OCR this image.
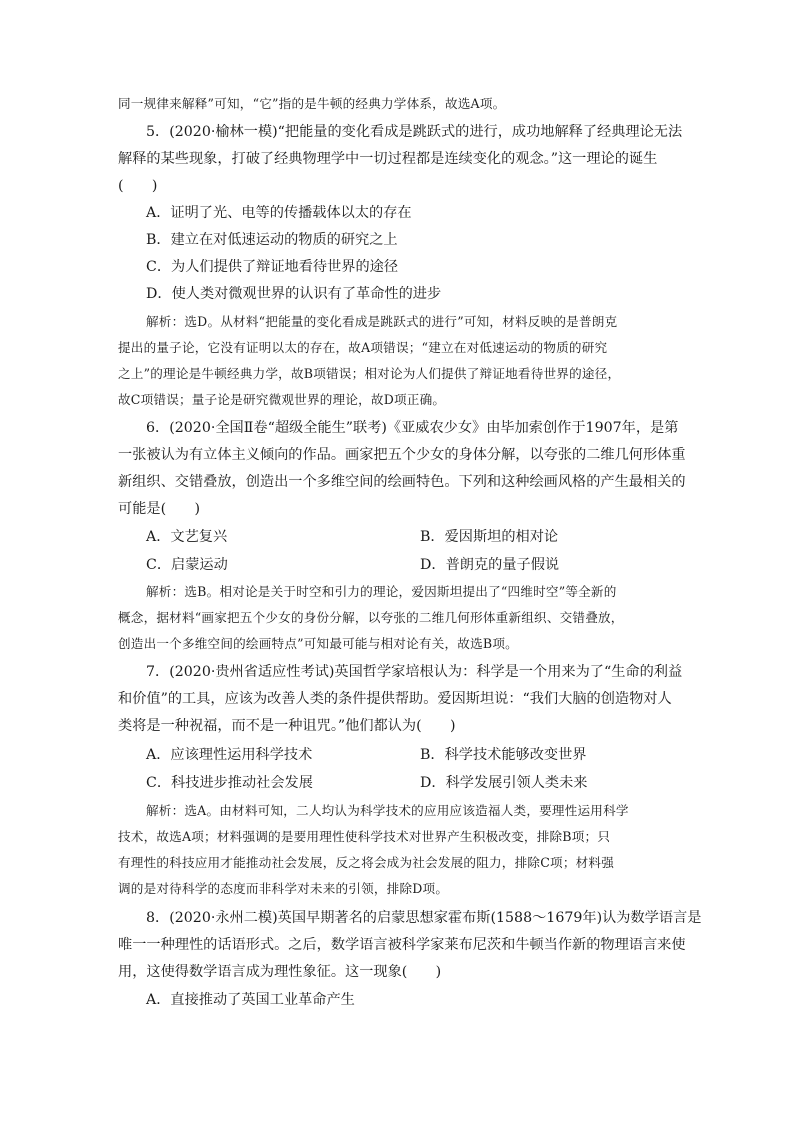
同一规律来解释”可知，“它”指的是牛顿的经典力学体系，故选A项。
5．(2020·榆林一模)“把能量的变化看成是跳跃式的进行，成功地解释了经典理论无法
解释的某些现象，打破了经典物理学中一切过程都是连续变化的观念。”这一理论的诞生
(　　)
A．证明了光、电等的传播载体以太的存在
B．建立在对低速运动的物质的研究之上
C．为人们提供了辩证地看待世界的途径
D．使人类对微观世界的认识有了革命性的进步
解析：选D。从材料“把能量的变化看成是跳跃式的进行”可知，材料反映的是普朗克
提出的量子论，它没有证明以太的存在，故A项错误；“建立在对低速运动的物质的研究
之上”的理论是牛顿经典力学，故B项错误；相对论为人们提供了辩证地看待世界的途径，
故C项错误；量子论是研究微观世界的理论，故D项正确。
6．(2020·全国Ⅱ卷“超级全能生”联考)《亚威农少女》由毕加索创作于1907年，是第
一张被认为有立体主义倾向的作品。画家把五个少女的身体分解，以夸张的二维几何形体重
新组织、交错叠放，创造出一个多维空间的绘画特色。下列和这种绘画风格的产生最相关的
可能是(　　)
A．文艺复兴	B．爱因斯坦的相对论
C．启蒙运动	D．普朗克的量子假说
解析：选B。相对论是关于时空和引力的理论，爱因斯坦提出了“四维时空”等全新的
概念，据材料“画家把五个少女的身份分解，以夸张的二维几何形体重新组织、交错叠放，
创造出一个多维空间的绘画特点”可知最可能与相对论有关，故选B项。
7．(2020·贵州省适应性考试)英国哲学家培根认为：科学是一个用来为了“生命的利益
和价值”的工具，应该为改善人类的条件提供帮助。爱因斯坦说：“我们大脑的创造物对人
类将是一种祝福，而不是一种诅咒。”他们都认为(　　)
A．应该理性运用科学技术	B．科学技术能够改变世界
C．科技进步推动社会发展	D．科学发展引领人类未来
解析：选A。由材料可知，二人均认为科学技术的应用应该造福人类，要理性运用科学
技术，故选A项；材料强调的是要用理性使科学技术对世界产生积极改变，排除B项；只
有理性的科技应用才能推动社会发展，反之将会成为社会发展的阻力，排除C项；材料强
调的是对待科学的态度而非科学对未来的引领，排除D项。
8．(2020·永州二模)英国早期著名的启蒙思想家霍布斯(1588～1679年)认为数学语言是
唯一一种理性的话语形式。之后，数学语言被科学家莱布尼茨和牛顿当作新的物理语言来使
用，这使得数学语言成为理性象征。这一现象(　　)
A．直接推动了英国工业革命产生
